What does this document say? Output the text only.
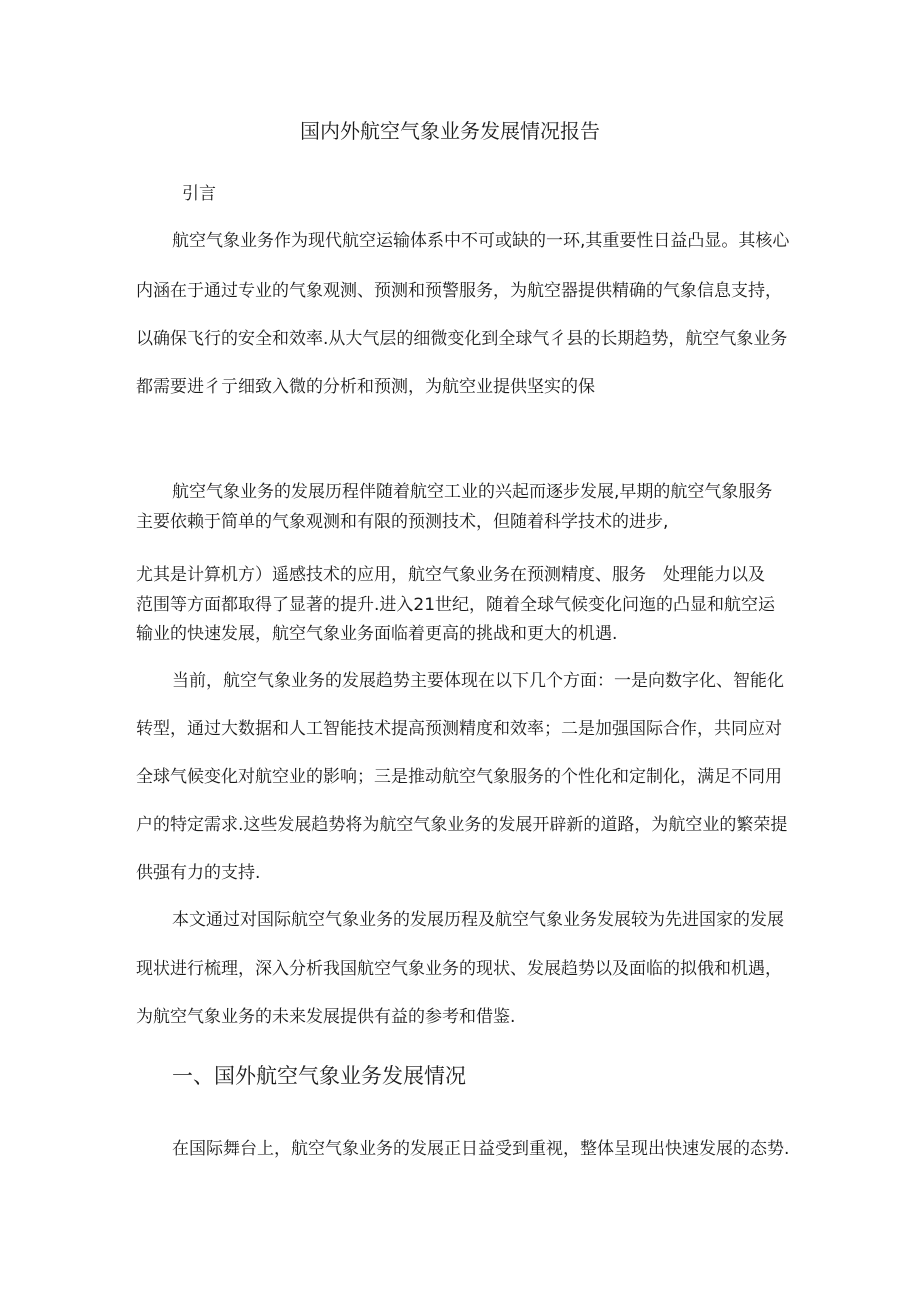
国内外航空气象业务发展情况报告
引言
航空气象业务作为现代航空运输体系中不可或缺的一环,其重要性日益凸显。其核心
内涵在于通过专业的气象观测、预测和预警服务，为航空器提供精确的气象信息支持，
以确保飞行的安全和效率.从大气层的细微变化到全球气彳县的长期趋势，航空气象业务
都需要进彳亍细致入微的分析和预测，为航空业提供坚实的保
航空气象业务的发展历程伴随着航空工业的兴起而逐步发展,早期的航空气象服务
主要依赖于简单的气象观测和有限的预测技术，但随着科学技术的进步,
尤其是计算机方）遥感技术的应用，航空气象业务在预测精度、服务　处理能力以及
范围等方面都取得了显著的提升.进入21世纪，随着全球气候变化问迤的凸显和航空运
输业的快速发展，航空气象业务面临着更高的挑战和更大的机遇.
当前，航空气象业务的发展趋势主要体现在以下几个方面：一是向数字化、智能化
转型，通过大数据和人工智能技术提高预测精度和效率；二是加强国际合作，共同应对
全球气候变化对航空业的影响；三是推动航空气象服务的个性化和定制化，满足不同用
户的特定需求.这些发展趋势将为航空气象业务的发展开辟新的道路，为航空业的繁荣提
供强有力的支持.
本文通过对国际航空气象业务的发展历程及航空气象业务发展较为先进国家的发展
现状进行梳理，深入分析我国航空气象业务的现状、发展趋势以及面临的拟俄和机遇，
为航空气象业务的未来发展提供有益的参考和借鉴.
一、国外航空气象业务发展情况
在国际舞台上，航空气象业务的发展正日益受到重视，整体呈现出快速发展的态势.
